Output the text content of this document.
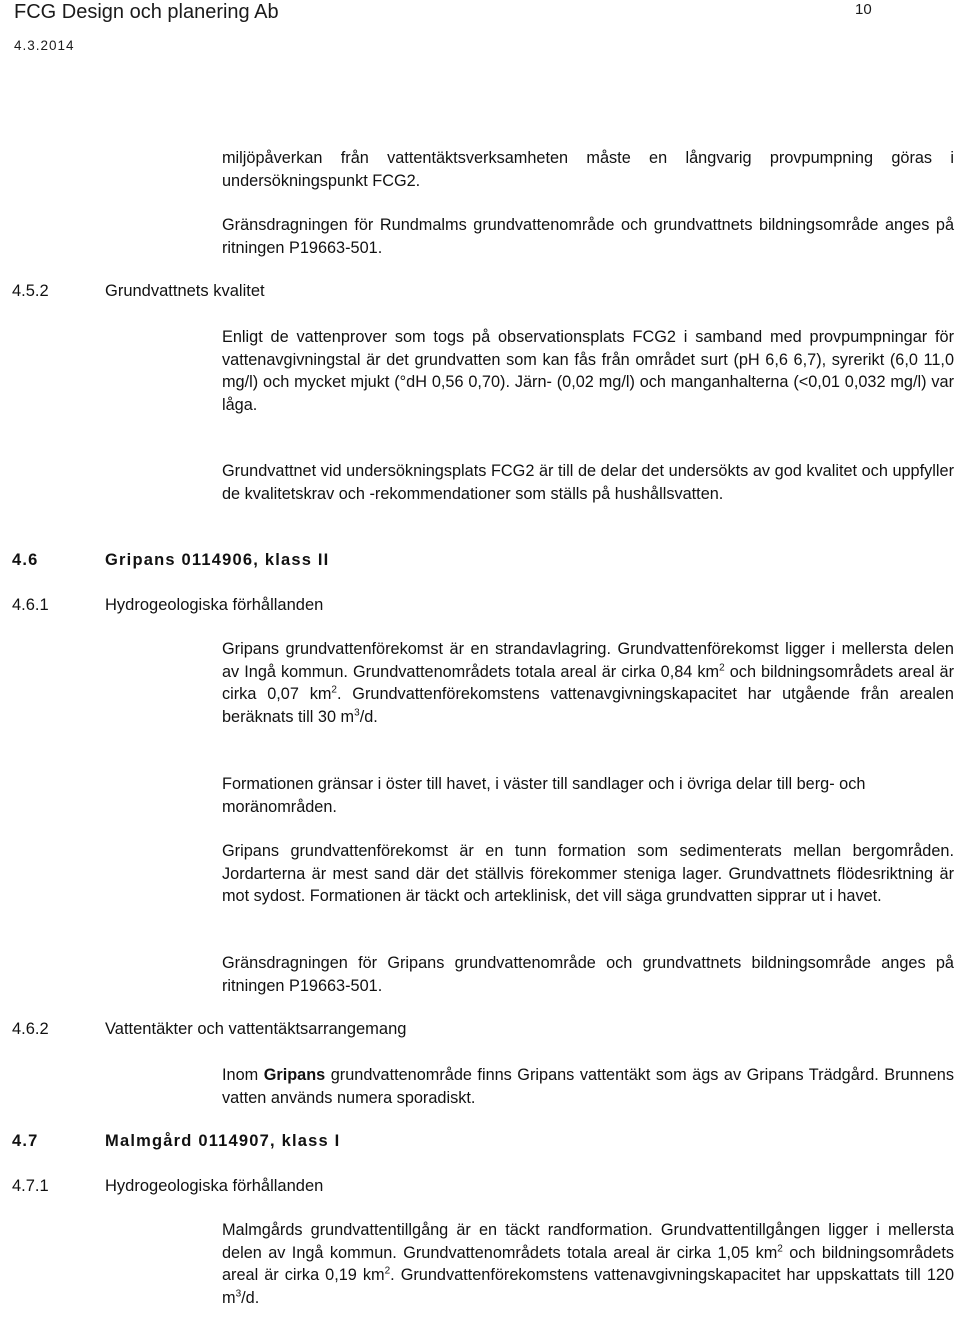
FCG Design och planering Ab
4.3.2014
10

miljöpåverkan från vattentäktsverksamheten måste en långvarig provpumpning göras i undersökningspunkt FCG2.

Gränsdragningen för Rundmalms grundvattenområde och grundvattnets bildningsområde anges på ritningen P19663-501.

4.5.2	Grundvattnets kvalitet

Enligt de vattenprover som togs på observationsplats FCG2 i samband med provpumpningar för vattenavgivningstal är det grundvatten som kan fås från området surt (pH 6,6 6,7), syrerikt (6,0 11,0 mg/l) och mycket mjukt (°dH 0,56 0,70). Järn- (0,02 mg/l) och manganhalterna (<0,01 0,032 mg/l) var låga.

Grundvattnet vid undersökningsplats FCG2 är till de delar det undersökts av god kvalitet och uppfyller de kvalitetskrav och -rekommendationer som ställs på hushållsvatten.

4.6	Gripans 0114906, klass II
4.6.1	Hydrogeologiska förhållanden

Gripans grundvattenförekomst är en strandavlagring. Grundvattenförekomst ligger i mellersta delen av Ingå kommun. Grundvattenområdets totala areal är cirka 0,84 $km^2$ och bildningsområdets areal är cirka 0,07 $km^2$. Grundvattenförekomstens vattenavgivningskapacitet har utgående från arealen beräknats till 30 $m^3/d$.

Formationen gränsar i öster till havet, i väster till sandlager och i övriga delar till berg- och moränområden.

Gripans grundvattenförekomst är en tunn formation som sedimenterats mellan bergområden. Jordarterna är mest sand där det ställvis förekommer steniga lager. Grundvattnets flödesriktning är mot sydost. Formationen är täckt och arteklinisk, det vill säga grundvatten sipprar ut i havet.

Gränsdragningen för Gripans grundvattenområde och grundvattnets bildningsområde anges på ritningen P19663-501.

4.6.2	Vattentäkter och vattentäktsarrangemang

Inom Gripans grundvattenområde finns Gripans vattentäkt som ägs av Gripans Trädgård. Brunnens vatten används numera sporadiskt.

4.7	Malmgård 0114907, klass I
4.7.1	Hydrogeologiska förhållanden

Malmgårds grundvattentillgång är en täckt randformation. Grundvattentillgången ligger i mellersta delen av Ingå kommun. Grundvattenområdets totala areal är cirka 1,05 $km^2$ och bildningsområdets areal är cirka 0,19 $km^2$. Grundvattenförekomstens vattenavgivningskapacitet har uppskattats till 120 $m^3/d$.
